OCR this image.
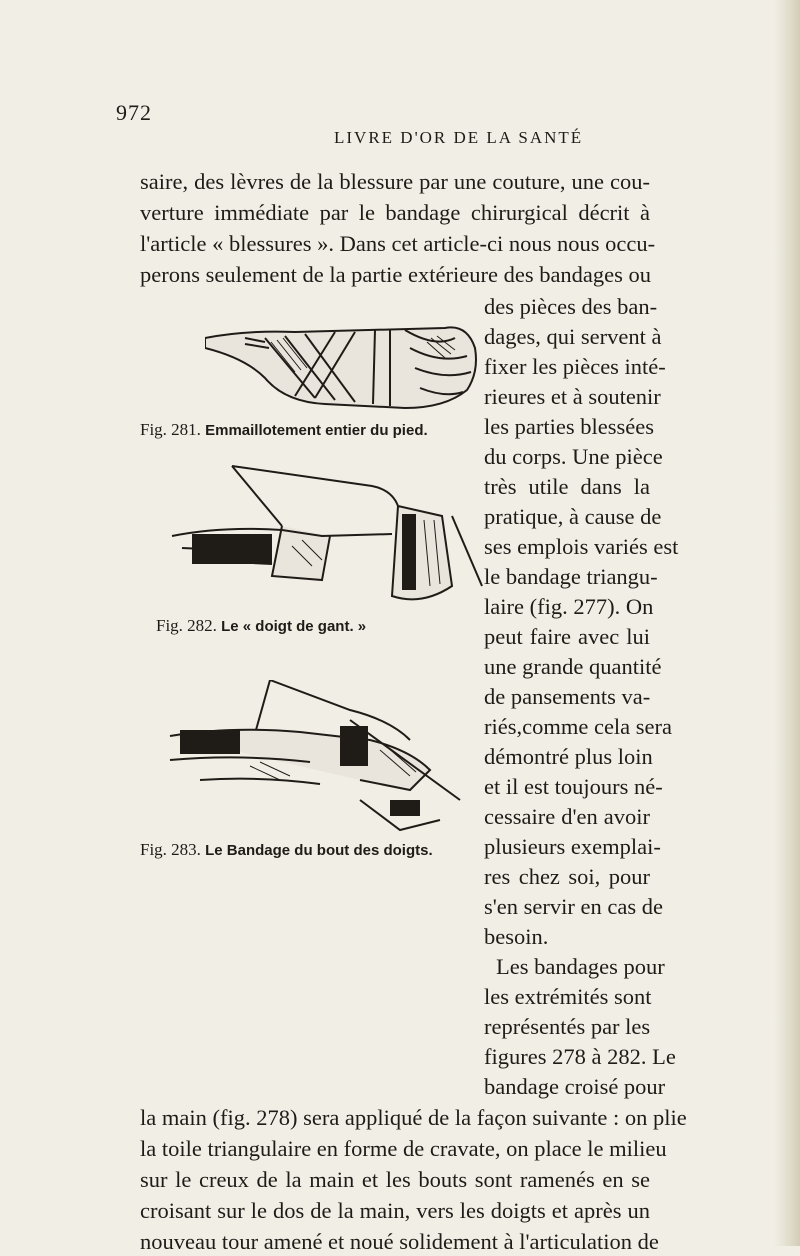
972
LIVRE D'OR DE LA SANTÉ
saire, des lèvres de la blessure par une couture, une cou-
verture immédiate par le bandage chirurgical décrit à
l'article « blessures ». Dans cet article-ci nous nous occu-
perons seulement de la partie extérieure des bandages ou
des pièces des ban-
dages, qui servent à
fixer les pièces inté-
rieures et à soutenir
les parties blessées
du corps. Une pièce
très utile dans la
pratique, à cause de
ses emplois variés est
le bandage triangu-
laire (fig. 277). On
peut faire avec lui
une grande quantité
de pansements va-
riés,comme cela sera
démontré plus loin
et il est toujours né-
cessaire d'en avoir
plusieurs exemplai-
res chez soi, pour
s'en servir en cas de
besoin.
Les bandages pour
les extrémités sont
représentés par les
figures 278 à 282. Le
bandage croisé pour
la main (fig. 278) sera appliqué de la façon suivante : on plie
la toile triangulaire en forme de cravate, on place le milieu
sur le creux de la main et les bouts sont ramenés en se
croisant sur le dos de la main, vers les doigts et après un
nouveau tour amené et noué solidement à l'articulation de
Fig. 281. Emmaillotement entier du pied.
Fig. 282. Le « doigt de gant. »
Fig. 283. Le Bandage du bout des doigts.
